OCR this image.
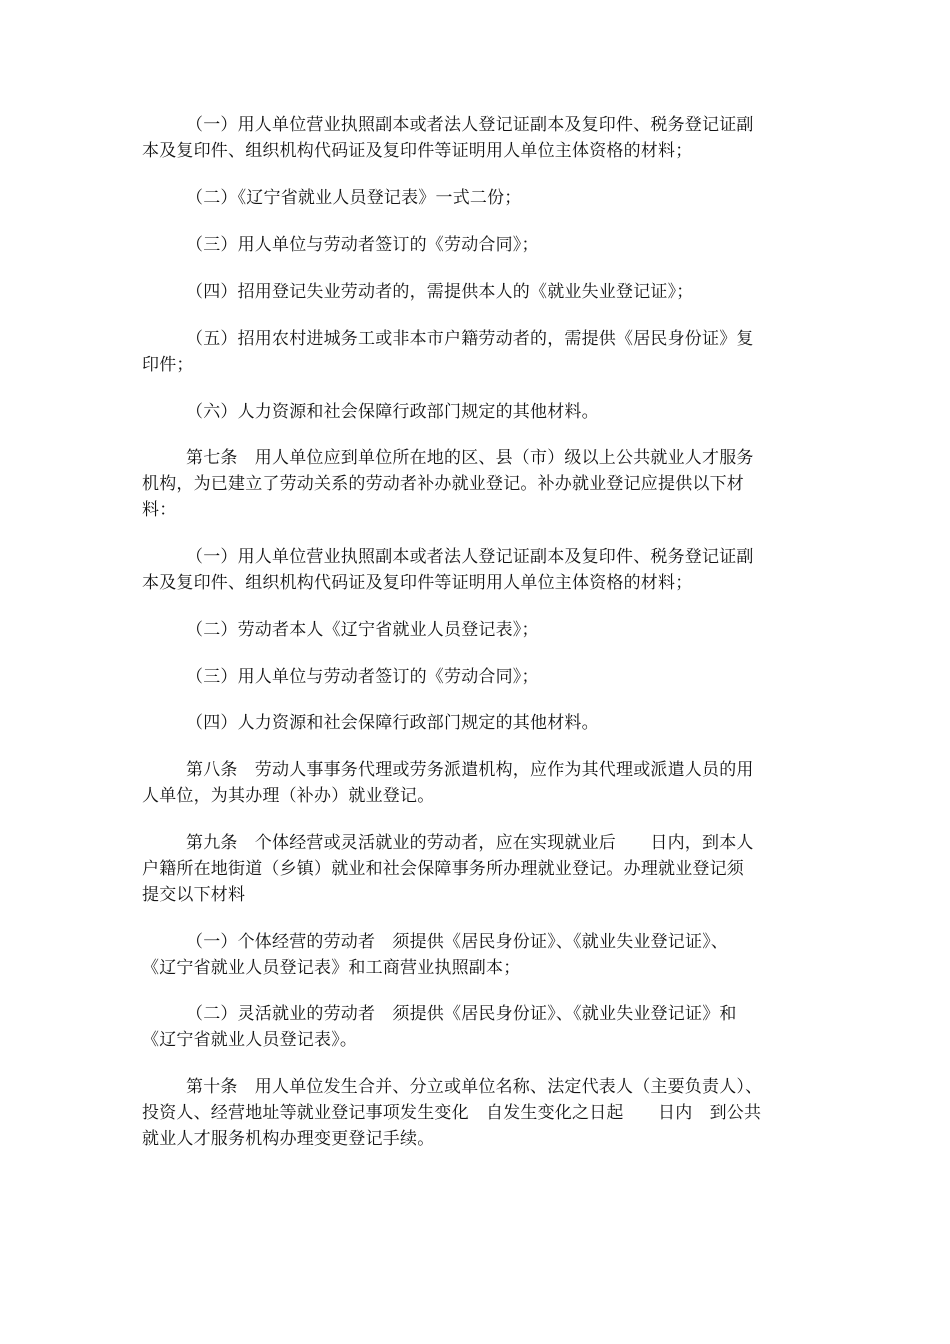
（一）用人单位营业执照副本或者法人登记证副本及复印件、税务登记证副
本及复印件、组织机构代码证及复印件等证明用人单位主体资格的材料；
（二）《辽宁省就业人员登记表》一式二份；
（三）用人单位与劳动者签订的《劳动合同》；
（四）招用登记失业劳动者的，需提供本人的《就业失业登记证》；
（五）招用农村进城务工或非本市户籍劳动者的，需提供《居民身份证》复
印件；
（六）人力资源和社会保障行政部门规定的其他材料。
第七条　用人单位应到单位所在地的区、县（市）级以上公共就业人才服务
机构，为已建立了劳动关系的劳动者补办就业登记。补办就业登记应提供以下材
料：
（一）用人单位营业执照副本或者法人登记证副本及复印件、税务登记证副
本及复印件、组织机构代码证及复印件等证明用人单位主体资格的材料；
（二）劳动者本人《辽宁省就业人员登记表》；
（三）用人单位与劳动者签订的《劳动合同》；
（四）人力资源和社会保障行政部门规定的其他材料。
第八条　劳动人事事务代理或劳务派遣机构，应作为其代理或派遣人员的用
人单位，为其办理（补办）就业登记。
第九条　个体经营或灵活就业的劳动者，应在实现就业后　　日内，到本人
户籍所在地街道（乡镇）就业和社会保障事务所办理就业登记。办理就业登记须
提交以下材料
（一）个体经营的劳动者　须提供《居民身份证》、《就业失业登记证》、
《辽宁省就业人员登记表》和工商营业执照副本；
（二）灵活就业的劳动者　须提供《居民身份证》、《就业失业登记证》和
《辽宁省就业人员登记表》。
第十条　用人单位发生合并、分立或单位名称、法定代表人（主要负责人）、
投资人、经营地址等就业登记事项发生变化　自发生变化之日起　　日内　到公共
就业人才服务机构办理变更登记手续。
